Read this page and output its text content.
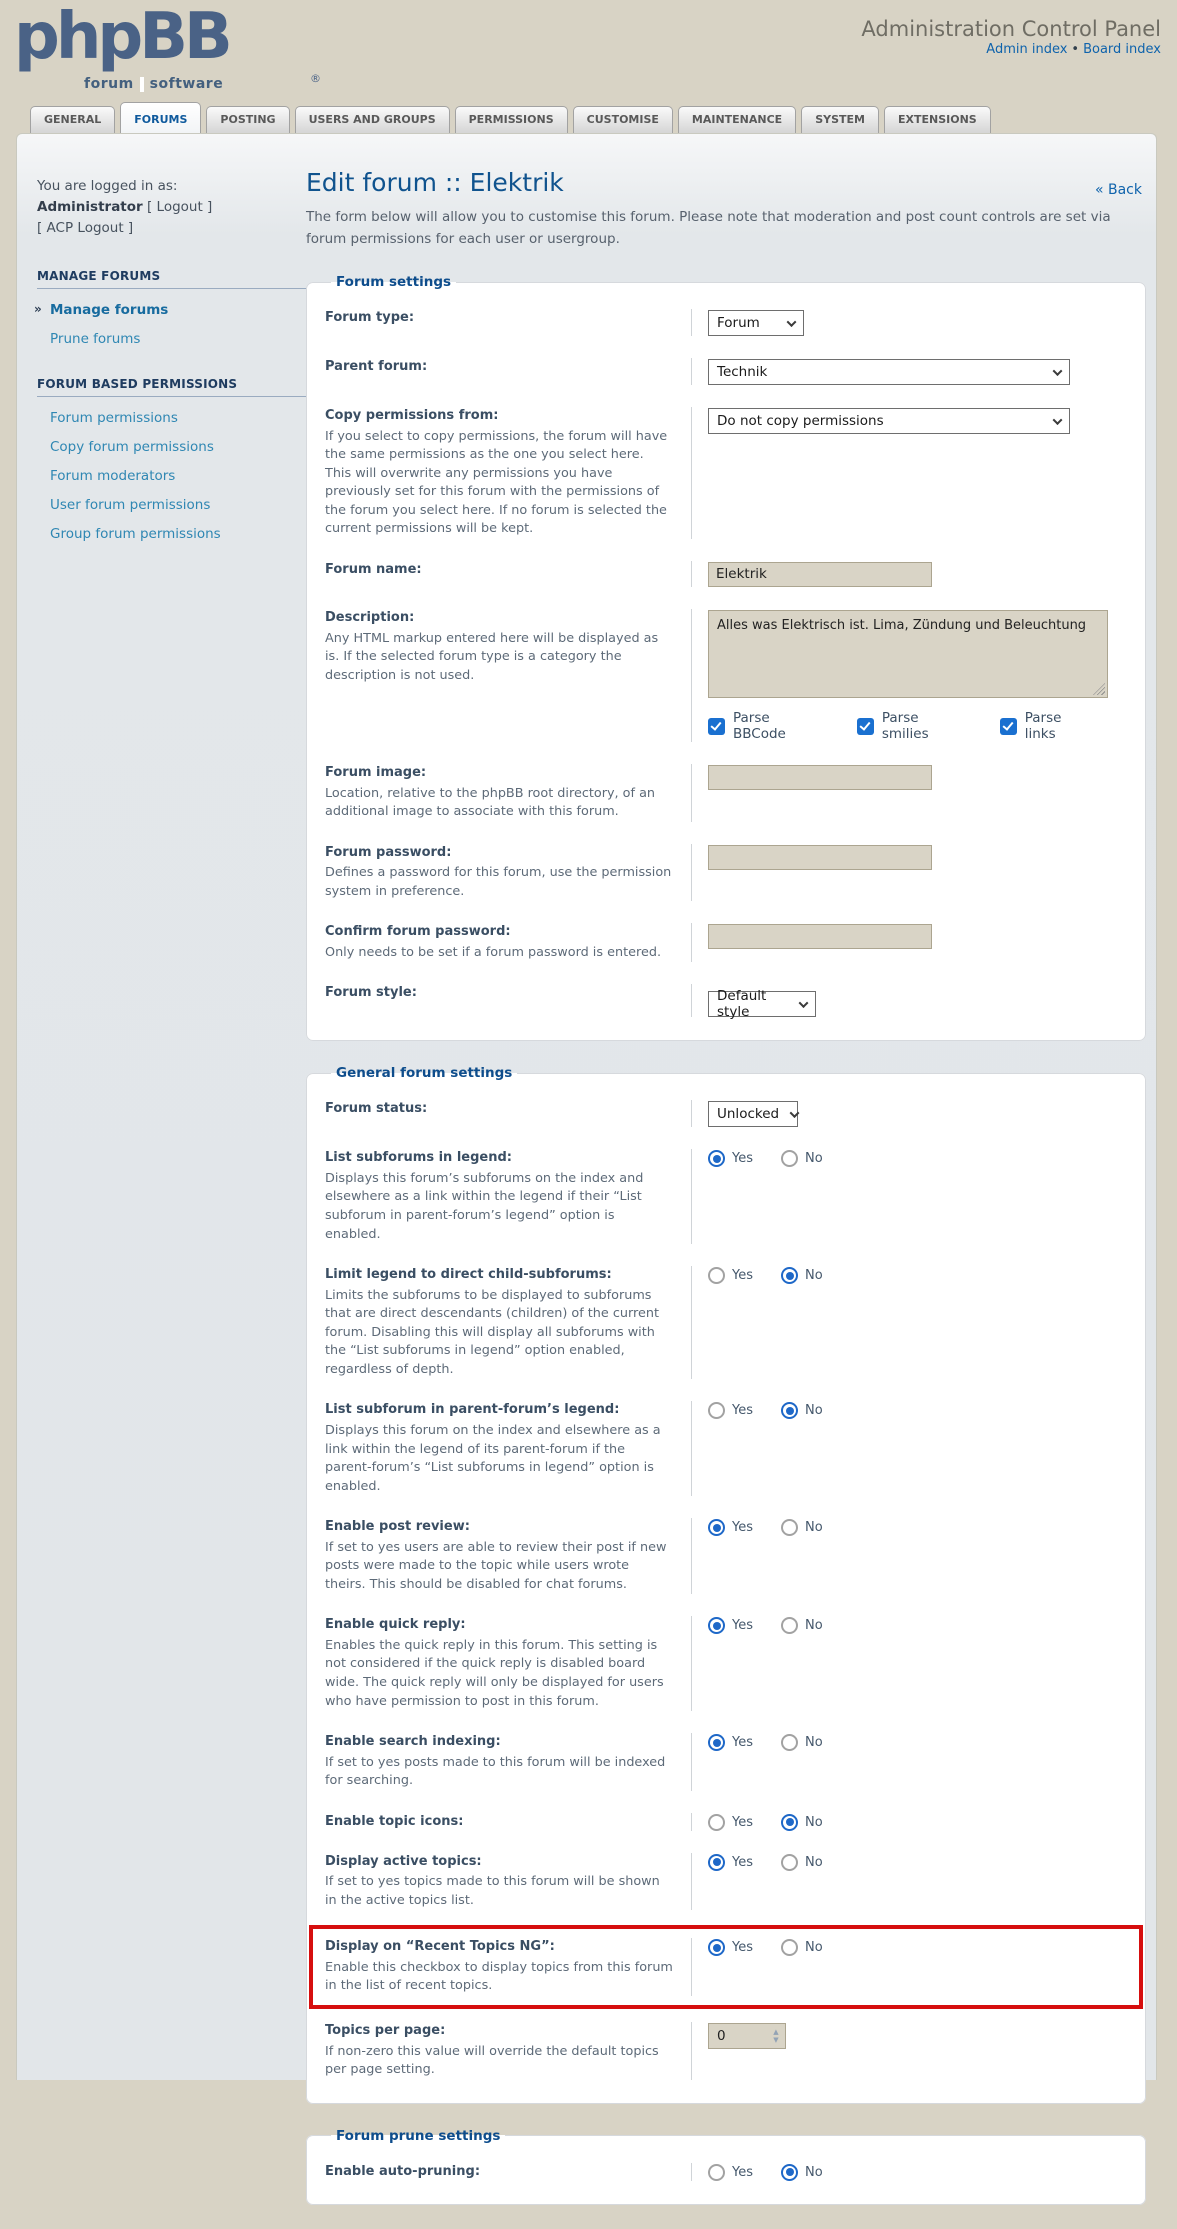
phpBB
®
forum software
Administration Control Panel
Admin index • Board index
GENERAL	FORUMS	POSTING	USERS AND GROUPS	PERMISSIONS	CUSTOMISE	MAINTENANCE	SYSTEM	EXTENSIONS
You are logged in as:
Administrator [ Logout ]
[ ACP Logout ]
MANAGE FORUMS
» Manage forums
Prune forums
FORUM BASED PERMISSIONS
Forum permissions
Copy forum permissions
Forum moderators
User forum permissions
Group forum permissions
« Back
Edit forum :: Elektrik

The form below will allow you to customise this forum. Please note that moderation and post count controls are set via forum permissions for each user or usergroup.

Forum settings
Forum type:	Forum
Parent forum:	Technik
Copy permissions from:
If you select to copy permissions, the forum will have the same permissions as the one you select here. This will overwrite any permissions you have previously set for this forum with the permissions of the forum you select here. If no forum is selected the current permissions will be kept.
Do not copy permissions
Forum name:	Elektrik
Description:
Any HTML markup entered here will be displayed as is. If the selected forum type is a category the description is not used.
Alles was Elektrisch ist. Lima, Zündung und Beleuchtung
Parse BBCode
Parse smilies
Parse links
Forum image:
Location, relative to the phpBB root directory, of an additional image to associate with this forum.
Forum password:
Defines a password for this forum, use the permission system in preference.
Confirm forum password:
Only needs to be set if a forum password is entered.
Forum style:	Default style
General forum settings
Forum status:	Unlocked
List subforums in legend:
Displays this forum’s subforums on the index and elsewhere as a link within the legend if their “List subforum in parent-forum’s legend” option is enabled.
Yes	No
Limit legend to direct child-subforums:
Limits the subforums to be displayed to subforums that are direct descendants (children) of the current forum. Disabling this will display all subforums with the “List subforums in legend” option enabled, regardless of depth.
Yes	No
List subforum in parent-forum’s legend:
Displays this forum on the index and elsewhere as a link within the legend of its parent-forum if the parent-forum’s “List subforums in legend” option is enabled.
Yes	No
Enable post review:
If set to yes users are able to review their post if new posts were made to the topic while users wrote theirs. This should be disabled for chat forums.
Yes	No
Enable quick reply:
Enables the quick reply in this forum. This setting is not considered if the quick reply is disabled board wide. The quick reply will only be displayed for users who have permission to post in this forum.
Yes	No
Enable search indexing:
If set to yes posts made to this forum will be indexed for searching.
Yes	No
Enable topic icons:	Yes	No
Display active topics:
If set to yes topics made to this forum will be shown in the active topics list.
Yes	No
Display on “Recent Topics NG”:
Enable this checkbox to display topics from this forum in the list of recent topics.
Yes	No
Topics per page:
If non-zero this value will override the default topics per page setting.
0	▲
▼
Forum prune settings
Enable auto-pruning:	Yes	No
